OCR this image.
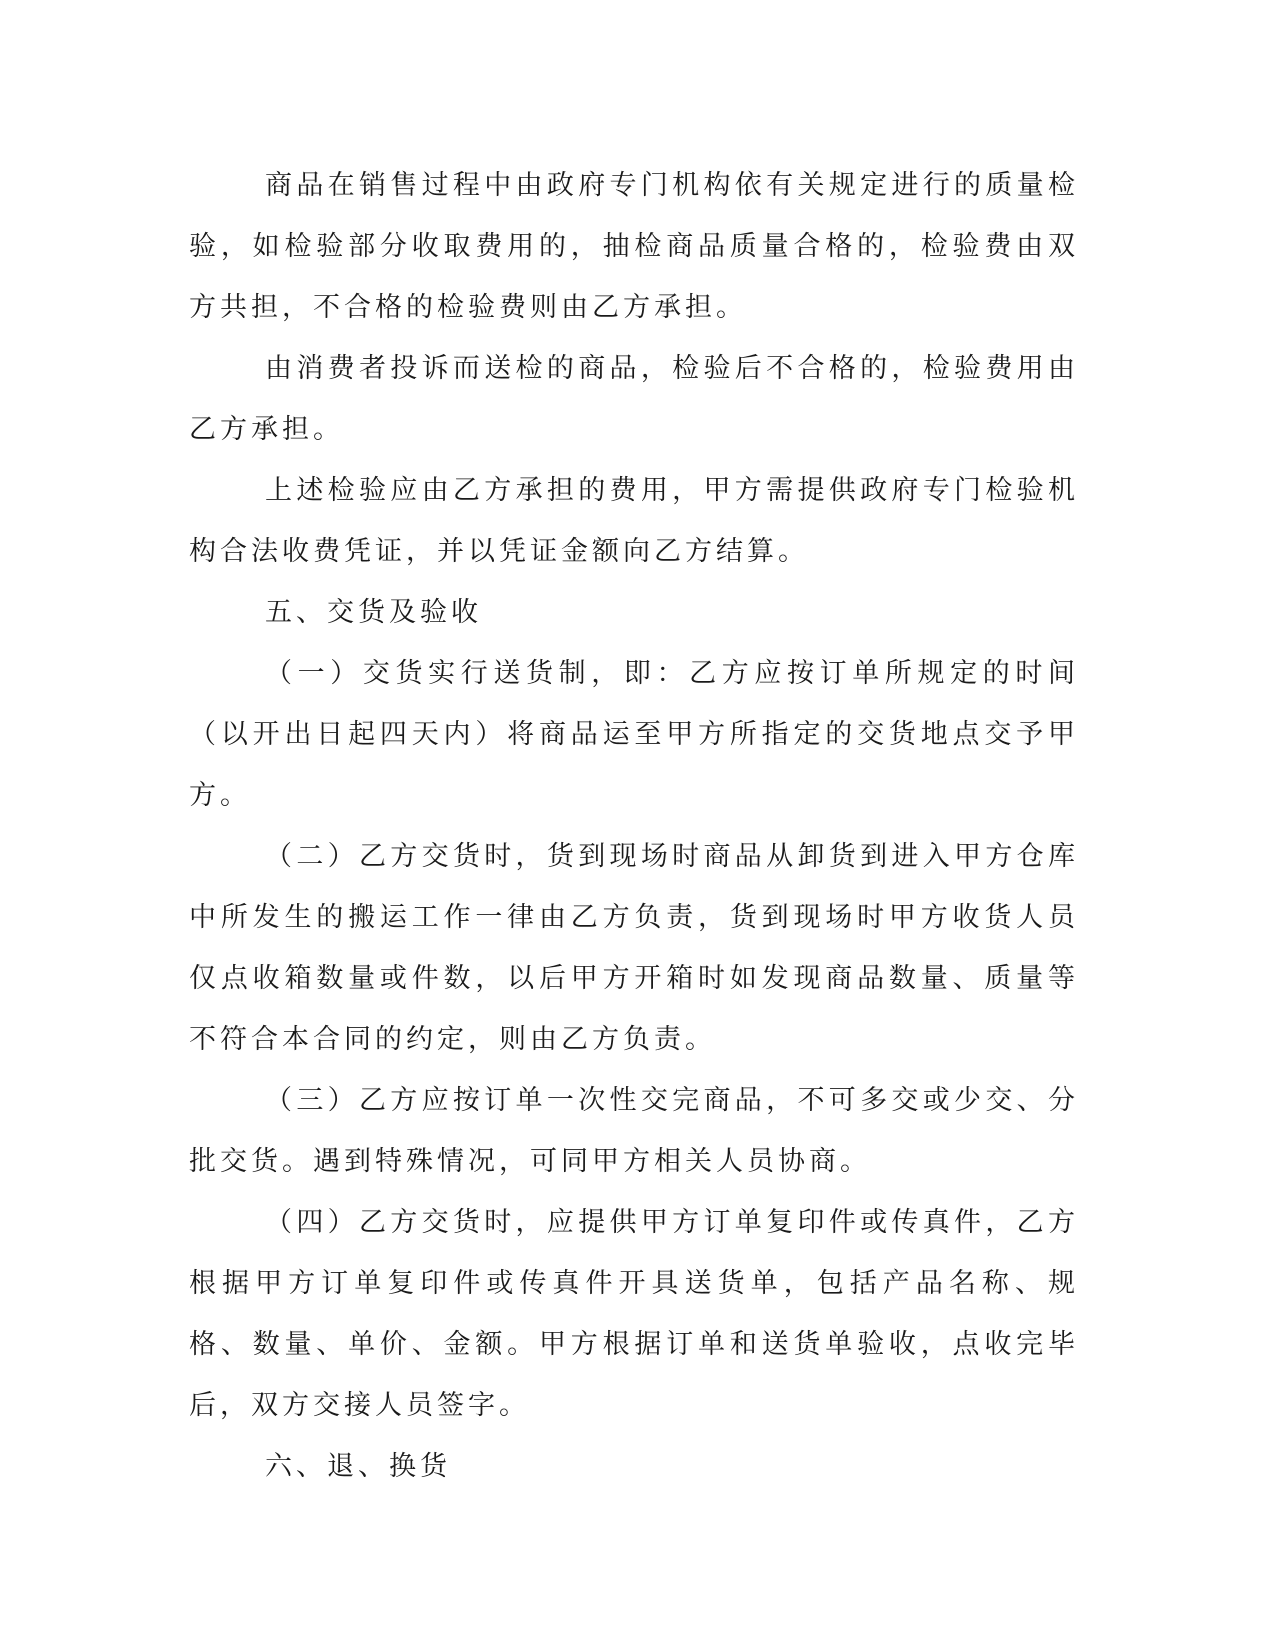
商品在销售过程中由政府专门机构依有关规定进行的质量检验，如检验部分收取费用的，抽检商品质量合格的，检验费由双方共担，不合格的检验费则由乙方承担。

由消费者投诉而送检的商品，检验后不合格的，检验费用由乙方承担。

上述检验应由乙方承担的费用，甲方需提供政府专门检验机构合法收费凭证，并以凭证金额向乙方结算。

五、交货及验收

（一）交货实行送货制，即：乙方应按订单所规定的时间（以开出日起四天内）将商品运至甲方所指定的交货地点交予甲方。

（二）乙方交货时，货到现场时商品从卸货到进入甲方仓库中所发生的搬运工作一律由乙方负责，货到现场时甲方收货人员仅点收箱数量或件数，以后甲方开箱时如发现商品数量、质量等不符合本合同的约定，则由乙方负责。

（三）乙方应按订单一次性交完商品，不可多交或少交、分批交货。遇到特殊情况，可同甲方相关人员协商。

（四）乙方交货时，应提供甲方订单复印件或传真件，乙方根据甲方订单复印件或传真件开具送货单，包括产品名称、规格、数量、单价、金额。甲方根据订单和送货单验收，点收完毕后，双方交接人员签字。

六、退、换货
